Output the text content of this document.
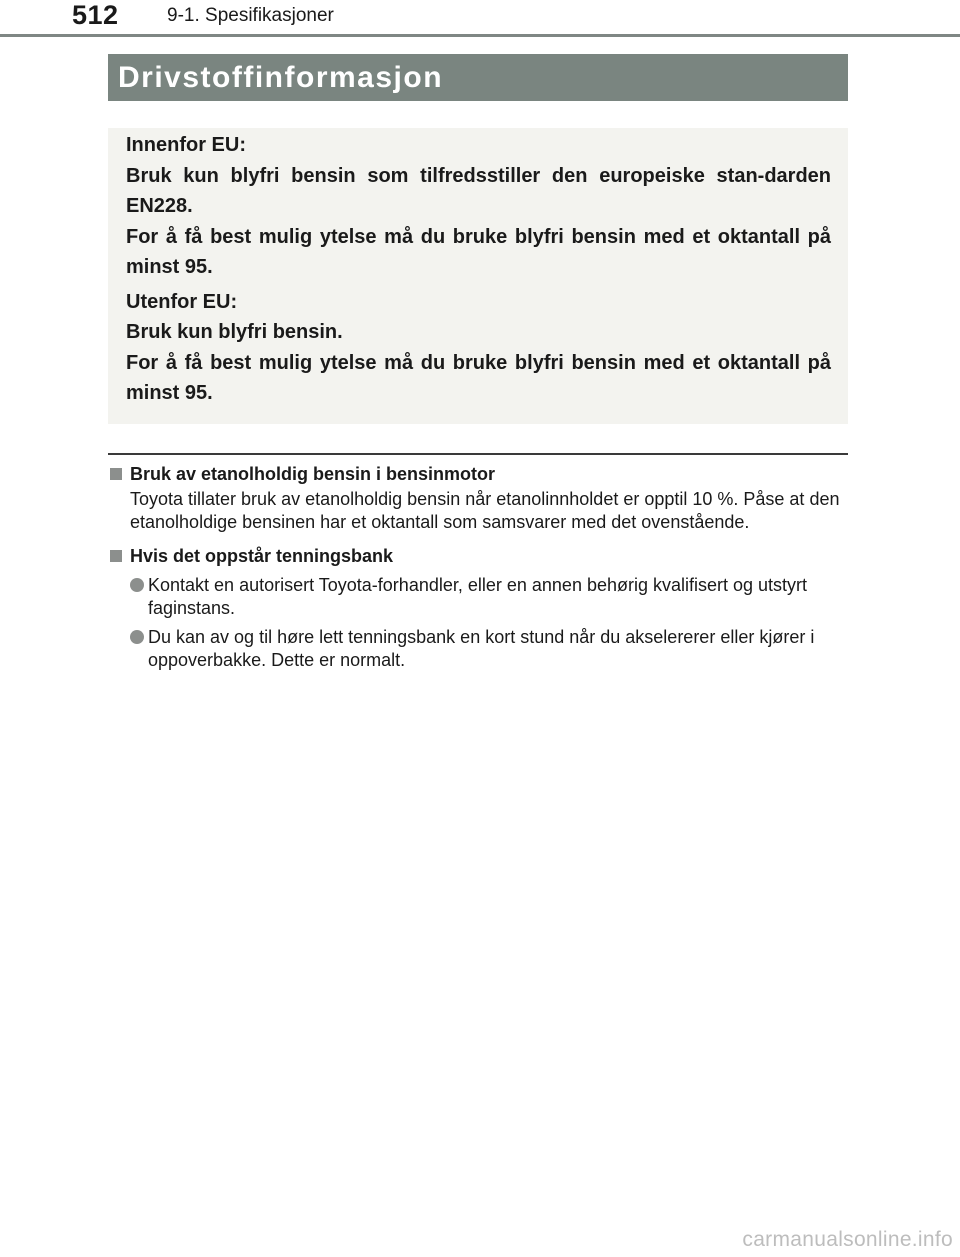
512	9-1. Spesifikasjoner
Drivstoffinformasjon

Innenfor EU:

Bruk kun blyfri bensin som tilfredsstiller den europeiske stan-darden EN228.

For å få best mulig ytelse må du bruke blyfri bensin med et oktantall på minst 95.

Utenfor EU:

Bruk kun blyfri bensin.

For å få best mulig ytelse må du bruke blyfri bensin med et oktantall på minst 95.

Bruk av etanolholdig bensin i bensinmotor
Toyota tillater bruk av etanolholdig bensin når etanolinnholdet er opptil 10 %. Påse at den etanolholdige bensinen har et oktantall som samsvarer med det ovenstående.
Hvis det oppstår tenningsbank
Kontakt en autorisert Toyota-forhandler, eller en annen behørig kvalifisert og utstyrt faginstans.
Du kan av og til høre lett tenningsbank en kort stund når du akselererer eller kjører i oppoverbakke. Dette er normalt.
carmanualsonline.info
